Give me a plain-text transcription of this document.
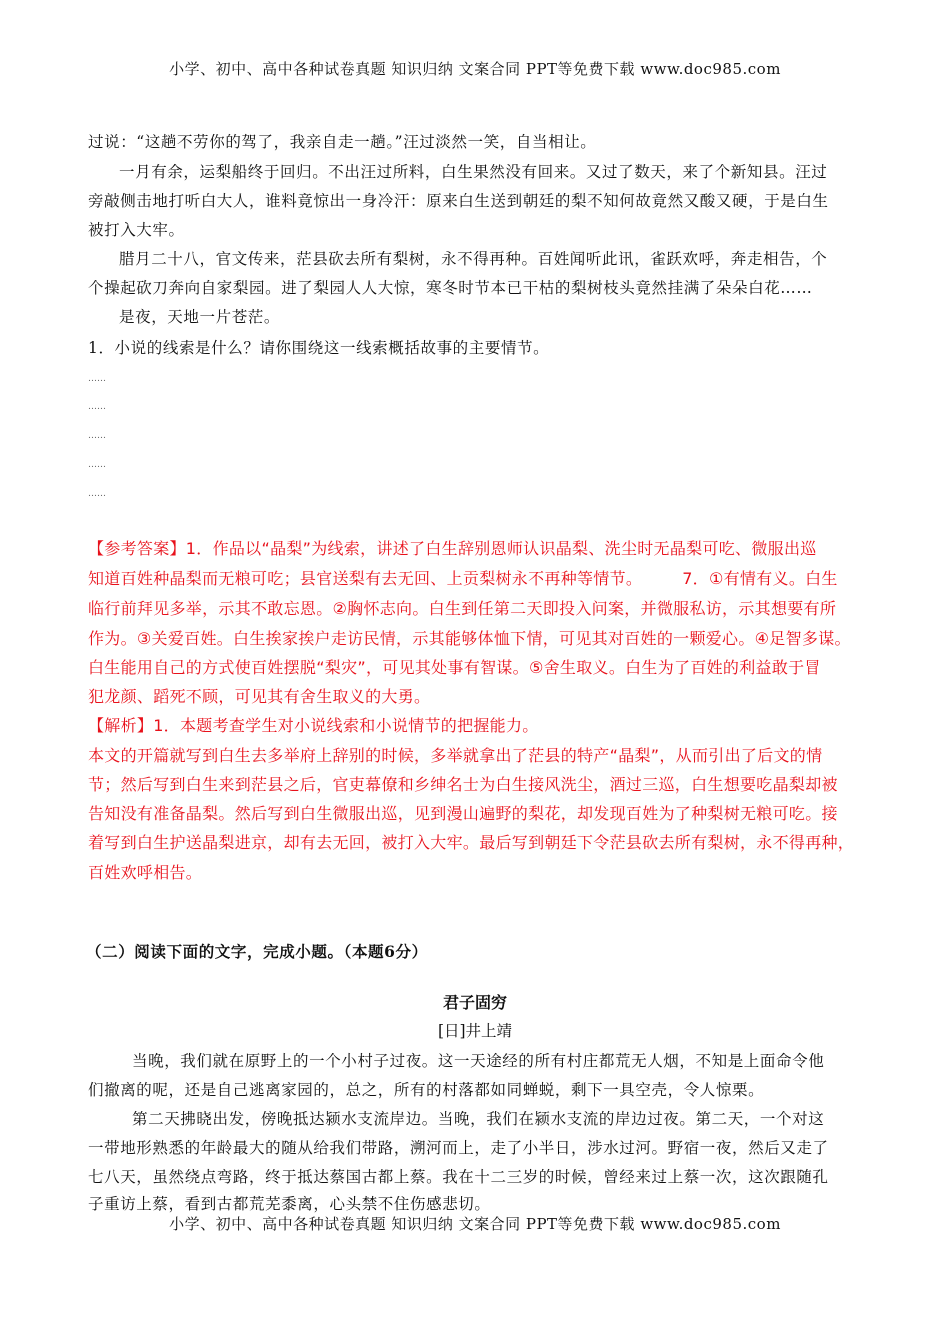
小学、初中、高中各种试卷真题 知识归纳 文案合同 PPT等免费下载 www.doc985.com
过说：“这趟不劳你的驾了，我亲自走一趟。”汪过淡然一笑，自当相让。
一月有余，运梨船终于回归。不出汪过所料，白生果然没有回来。又过了数天，来了个新知县。汪过
旁敲侧击地打听白大人，谁料竟惊出一身冷汗：原来白生送到朝廷的梨不知何故竟然又酸又硬，于是白生
被打入大牢。
腊月二十八，官文传来，茫县砍去所有梨树，永不得再种。百姓闻听此讯，雀跃欢呼，奔走相告，个
个操起砍刀奔向自家梨园。进了梨园人人大惊，寒冬时节本已干枯的梨树枝头竟然挂满了朵朵白花……
是夜，天地一片苍茫。
1．小说的线索是什么？请你围绕这一线索概括故事的主要情节。
……
……
……
……
……
【参考答案】1．作品以“晶梨”为线索，讲述了白生辞别恩师认识晶梨、洗尘时无晶梨可吃、微服出巡
知道百姓种晶梨而无粮可吃；县官送梨有去无回、上贡梨树永不再种等情节。	7．①有情有义。白生
临行前拜见多举，示其不敢忘恩。②胸怀志向。白生到任第二天即投入问案，并微服私访，示其想要有所
作为。③关爱百姓。白生挨家挨户走访民情，示其能够体恤下情，可见其对百姓的一颗爱心。④足智多谋。
白生能用自己的方式使百姓摆脱“梨灾”，可见其处事有智谋。⑤舍生取义。白生为了百姓的利益敢于冒
犯龙颜、蹈死不顾，可见其有舍生取义的大勇。
【解析】1．本题考查学生对小说线索和小说情节的把握能力。
本文的开篇就写到白生去多举府上辞别的时候，多举就拿出了茫县的特产“晶梨”，从而引出了后文的情
节；然后写到白生来到茫县之后，官吏幕僚和乡绅名士为白生接风洗尘，酒过三巡，白生想要吃晶梨却被
告知没有准备晶梨。然后写到白生微服出巡，见到漫山遍野的梨花，却发现百姓为了种梨树无粮可吃。接
着写到白生护送晶梨进京，却有去无回，被打入大牢。最后写到朝廷下令茫县砍去所有梨树，永不得再种，
百姓欢呼相告。
（二）阅读下面的文字，完成小题。（本题6分）
君子固穷
[日]井上靖
当晚，我们就在原野上的一个小村子过夜。这一天途经的所有村庄都荒无人烟，不知是上面命令他
们撤离的呢，还是自己逃离家园的，总之，所有的村落都如同蝉蜕，剩下一具空壳，令人惊栗。
第二天拂晓出发，傍晚抵达颍水支流岸边。当晚，我们在颍水支流的岸边过夜。第二天，一个对这
一带地形熟悉的年龄最大的随从给我们带路，溯河而上，走了小半日，涉水过河。野宿一夜，然后又走了
七八天，虽然绕点弯路，终于抵达蔡国古都上蔡。我在十二三岁的时候，曾经来过上蔡一次，这次跟随孔
子重访上蔡，看到古都荒芜黍离，心头禁不住伤感悲切。
小学、初中、高中各种试卷真题 知识归纳 文案合同 PPT等免费下载 www.doc985.com
